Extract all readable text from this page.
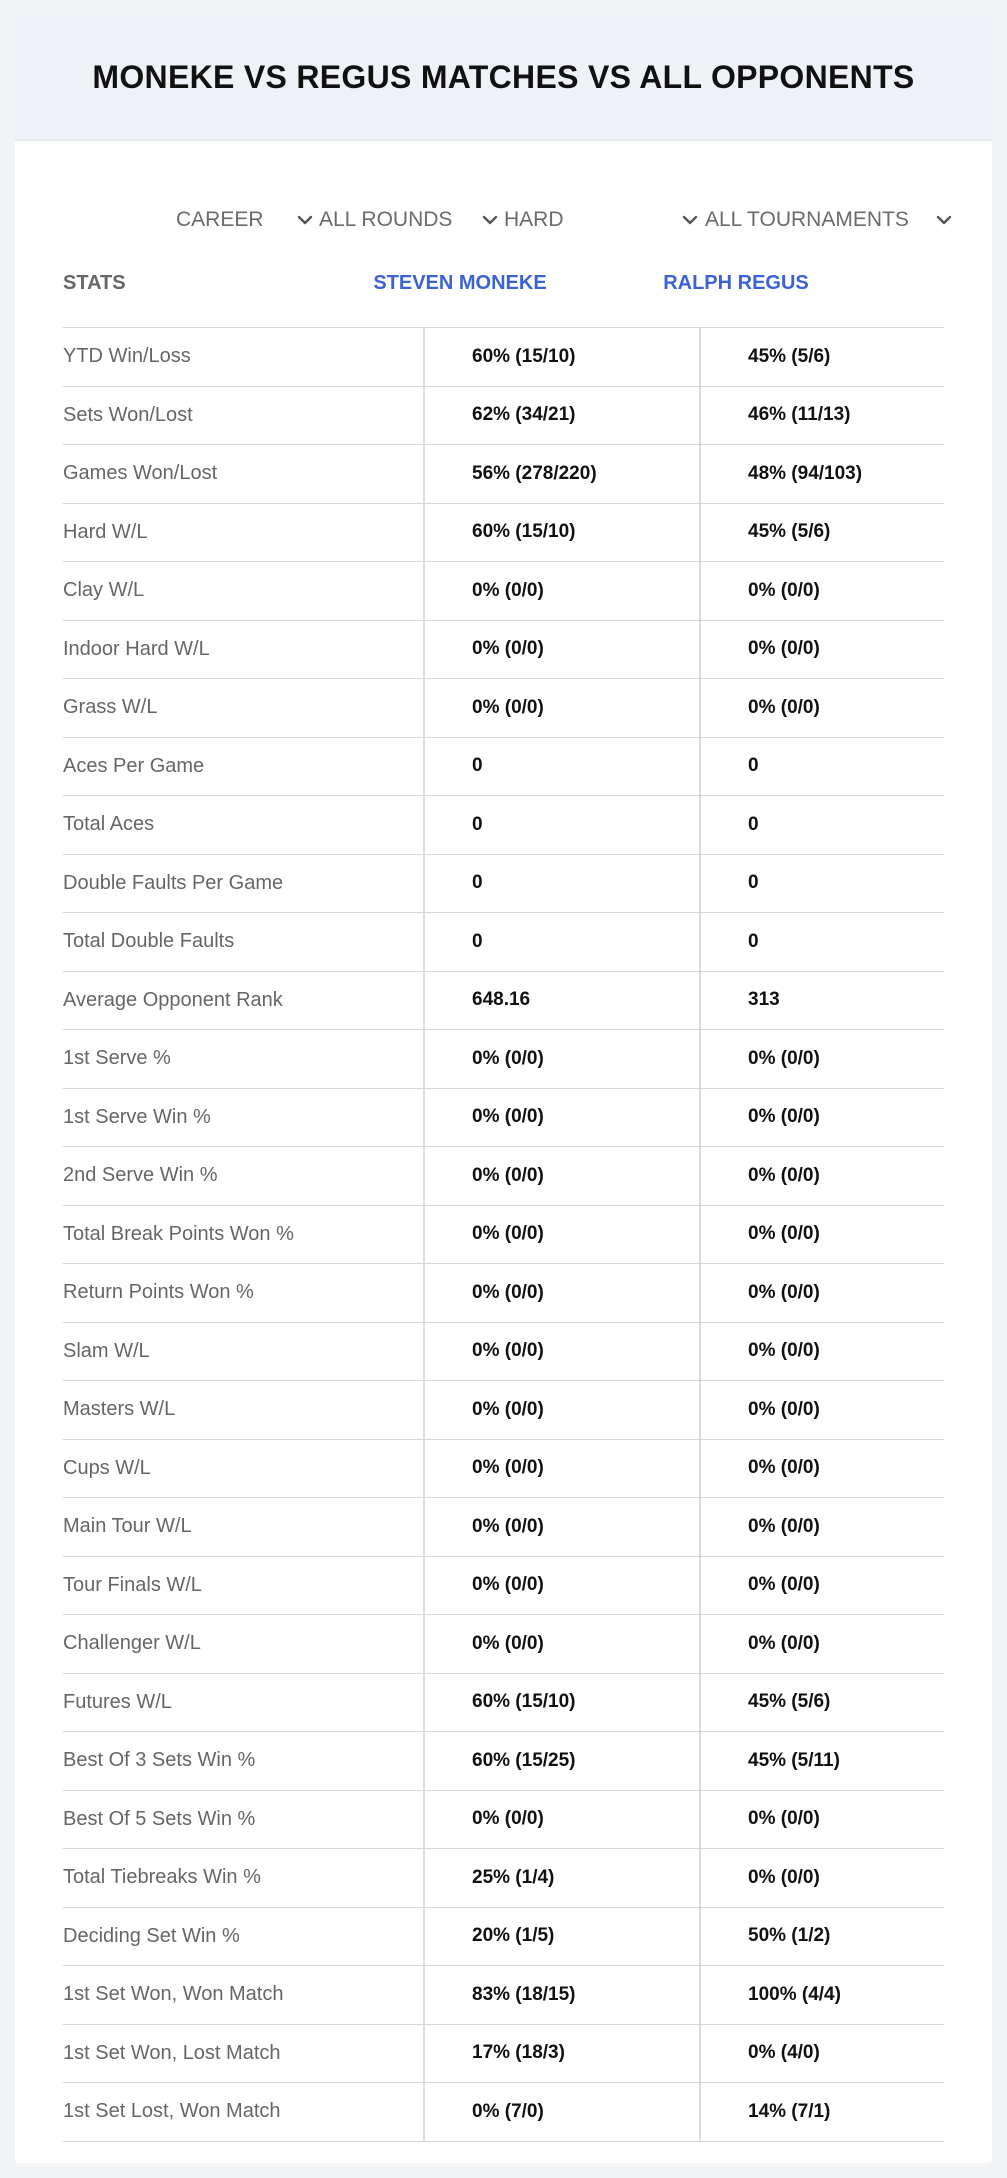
MONEKE VS REGUS MATCHES VS ALL OPPONENTS
CAREER	ALL ROUNDS HARD	ALL TOURNAMENTS
STATS	STEVEN MONEKE	RALPH REGUS
YTD Win/Loss	60% (15/10)	45% (5/6)
Sets Won/Lost	62% (34/21)	46% (11/13)
Games Won/Lost	56% (278/220)	48% (94/103)
Hard W/L	60% (15/10)	45% (5/6)
Clay W/L	0% (0/0)	0% (0/0)
Indoor Hard W/L	0% (0/0)	0% (0/0)
Grass W/L	0% (0/0)	0% (0/0)
Aces Per Game	0	0
Total Aces	0	0
Double Faults Per Game	0	0
Total Double Faults	0	0
Average Opponent Rank	648.16	313
1st Serve %	0% (0/0)	0% (0/0)
1st Serve Win %	0% (0/0)	0% (0/0)
2nd Serve Win %	0% (0/0)	0% (0/0)
Total Break Points Won %	0% (0/0)	0% (0/0)
Return Points Won %	0% (0/0)	0% (0/0)
Slam W/L	0% (0/0)	0% (0/0)
Masters W/L	0% (0/0)	0% (0/0)
Cups W/L	0% (0/0)	0% (0/0)
Main Tour W/L	0% (0/0)	0% (0/0)
Tour Finals W/L	0% (0/0)	0% (0/0)
Challenger W/L	0% (0/0)	0% (0/0)
Futures W/L	60% (15/10)	45% (5/6)
Best Of 3 Sets Win %	60% (15/25)	45% (5/11)
Best Of 5 Sets Win %	0% (0/0)	0% (0/0)
Total Tiebreaks Win %	25% (1/4)	0% (0/0)
Deciding Set Win %	20% (1/5)	50% (1/2)
1st Set Won, Won Match	83% (18/15)	100% (4/4)
1st Set Won, Lost Match	17% (18/3)	0% (4/0)
1st Set Lost, Won Match	0% (7/0)	14% (7/1)
